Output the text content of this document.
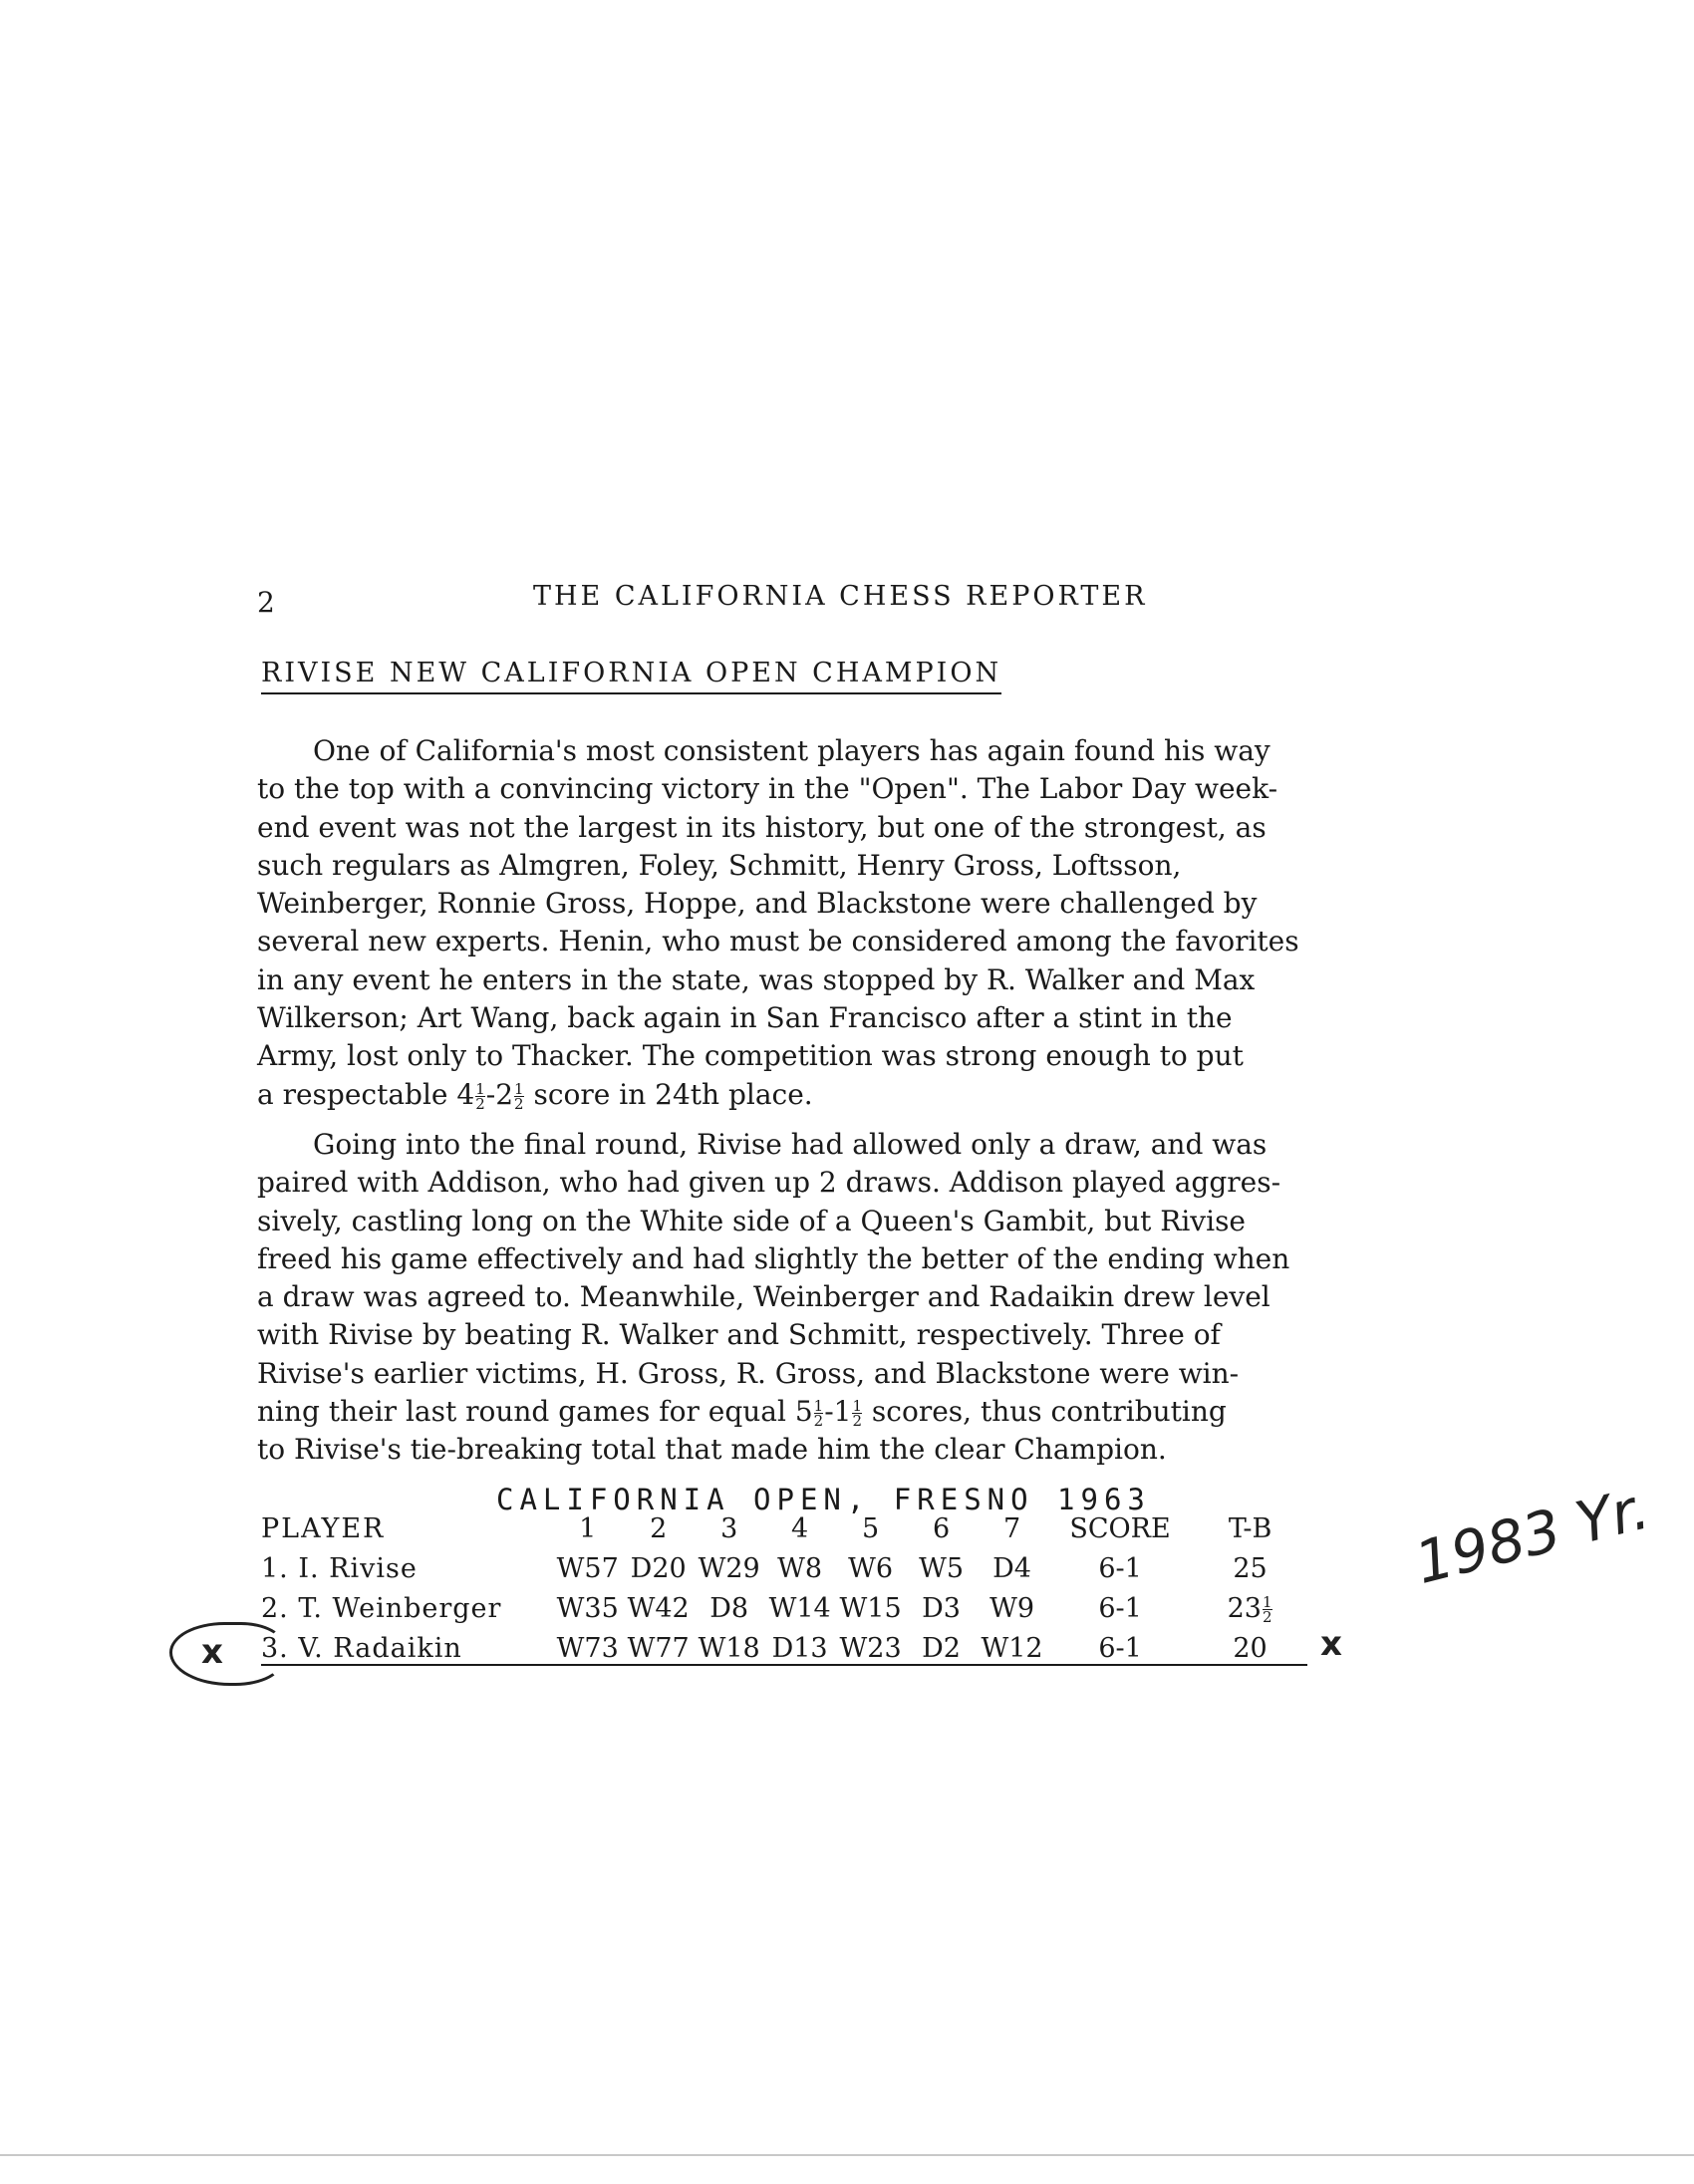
2	THE CALIFORNIA CHESS REPORTER
RIVISE NEW CALIFORNIA OPEN CHAMPION

One of California's most consistent players has again found his way
to the top with a convincing victory in the "Open". The Labor Day week-
end event was not the largest in its history, but one of the strongest, as
such regulars as Almgren, Foley, Schmitt, Henry Gross, Loftsson,
Weinberger, Ronnie Gross, Hoppe, and Blackstone were challenged by
several new experts. Henin, who must be considered among the favorites
in any event he enters in the state, was stopped by R. Walker and Max
Wilkerson; Art Wang, back again in San Francisco after a stint in the
Army, lost only to Thacker. The competition was strong enough to put
a respectable $4 \frac{1}{2} -2 \frac{1}{2}$ score in 24th place.

Going into the final round, Rivise had allowed only a draw, and was
paired with Addison, who had given up 2 draws. Addison played aggres-
sively, castling long on the White side of a Queen's Gambit, but Rivise
freed his game effectively and had slightly the better of the ending when
a draw was agreed to. Meanwhile, Weinberger and Radaikin drew level
with Rivise by beating R. Walker and Schmitt, respectively. Three of
Rivise's earlier victims, H. Gross, R. Gross, and Blackstone were win-
ning their last round games for equal $5 \frac{1}{2} -1 \frac{1}{2}$ scores, thus contributing
to Rivise's tie-breaking total that made him the clear Champion.

CALIFORNIA OPEN, FRESNO 1963
PLAYER	1	2	3	4	5	6	7	SCORE	T-B
1. I. Rivise	W57	D20	W29	W8	W6	W5	D4	6-1	25
2. T. Weinberger	W35	W42	D8	W14	W15	D3	W9	6-1	$23 \frac{1}{2}$

3. V. Radaikin	W73	W77	W18	D13	W23	D2	W12	6-1	20
x	x
1983 Yr.
